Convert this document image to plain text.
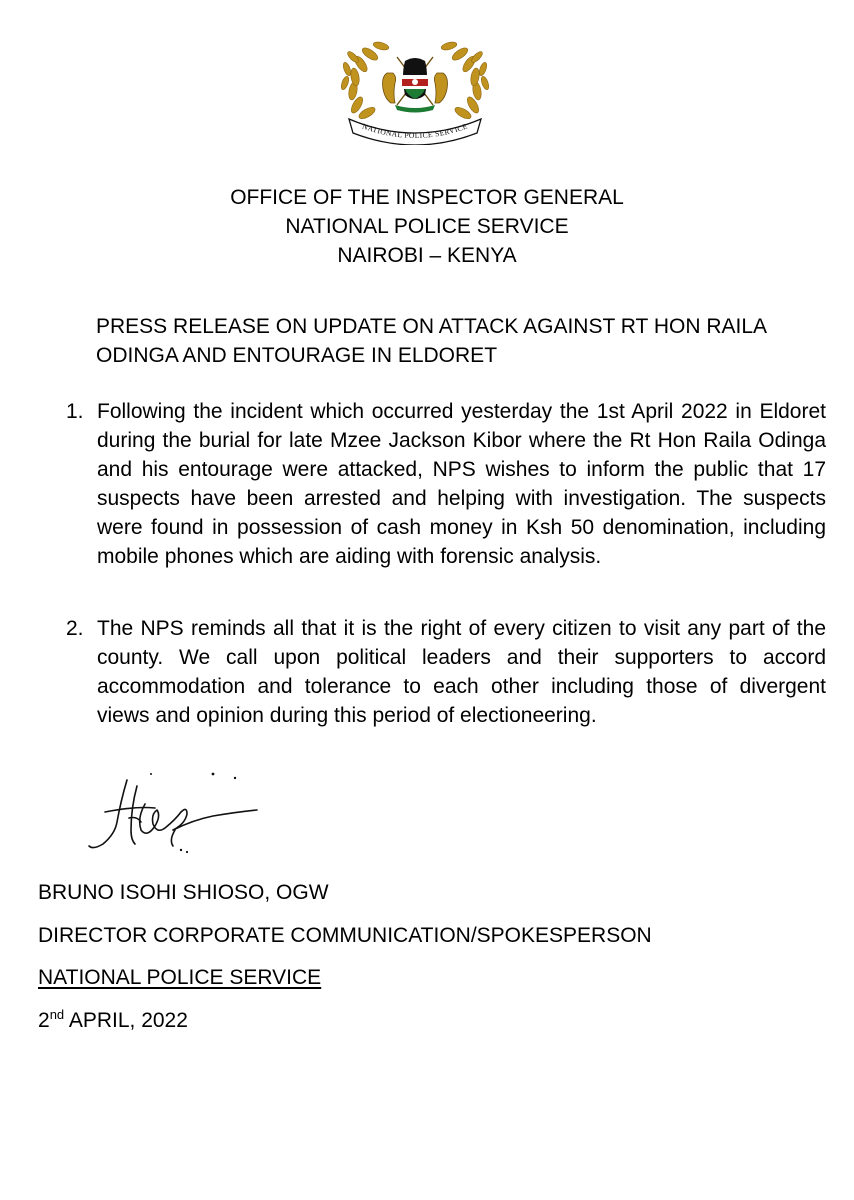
NATIONAL POLICE SERVICE
OFFICE OF THE INSPECTOR GENERAL
NATIONAL POLICE SERVICE
NAIROBI – KENYA
PRESS RELEASE ON UPDATE ON ATTACK AGAINST RT HON RAILA ODINGA AND ENTOURAGE IN ELDORET
1. Following the incident which occurred yesterday the 1st April 2022 in Eldoret during the burial for late Mzee Jackson Kibor where the Rt Hon Raila Odinga and his entourage were attacked, NPS wishes to inform the public that 17 suspects have been arrested and helping with investigation. The suspects were found in possession of cash money in Ksh 50 denomination, including mobile phones which are aiding with forensic analysis.
2. The NPS reminds all that it is the right of every citizen to visit any part of the county. We call upon political leaders and their supporters to accord accommodation and tolerance to each other including those of divergent views and opinion during this period of electioneering.
BRUNO ISOHI SHIOSO, OGW
DIRECTOR CORPORATE COMMUNICATION/SPOKESPERSON
NATIONAL POLICE SERVICE
2nd APRIL, 2022
